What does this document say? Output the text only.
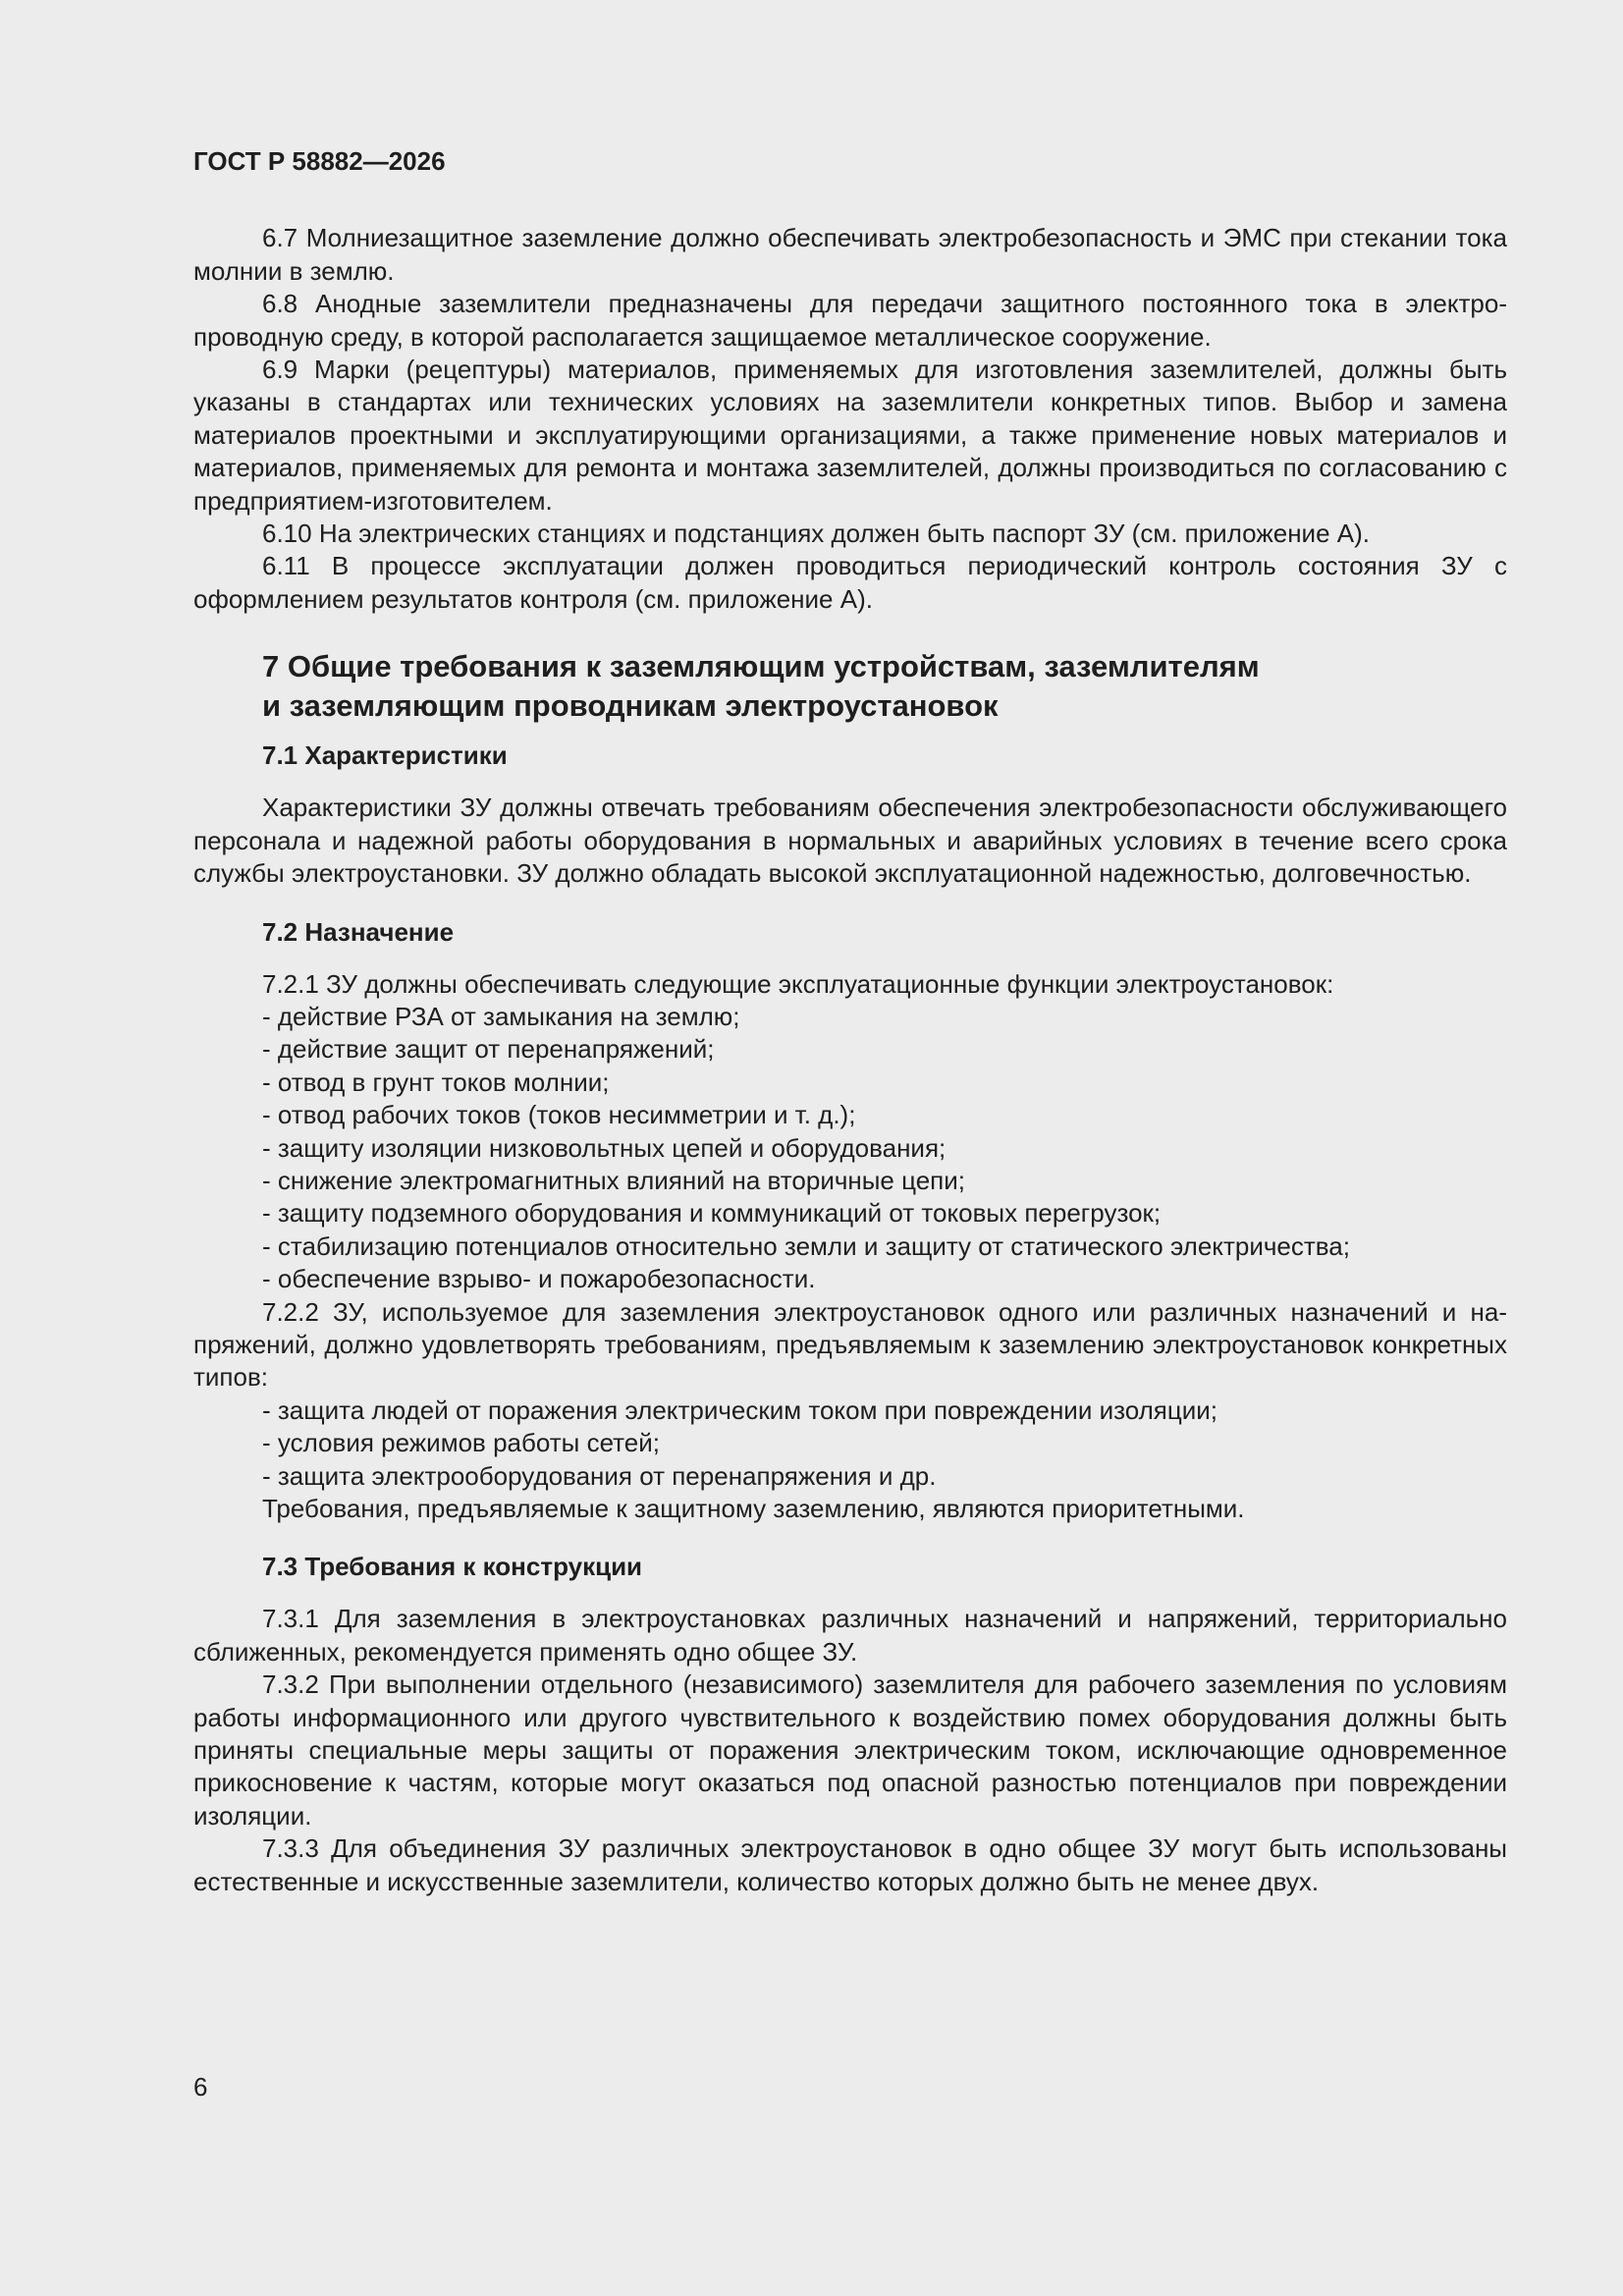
ГОСТ Р 58882—2026

6.7 Молниезащитное заземление должно обеспечивать электробезопасность и ЭМС при стекании тока молнии в землю.

6.8 Анодные заземлители предназначены для передачи защитного постоянного тока в электропроводную среду, в которой располагается защищаемое металлическое сооружение.

6.9 Марки (рецептуры) материалов, применяемых для изготовления заземлителей, должны быть указаны в стандартах или технических условиях на заземлители конкретных типов. Выбор и замена материалов проектными и эксплуатирующими организациями, а также применение новых материалов и материалов, применяемых для ремонта и монтажа заземлителей, должны производиться по согласованию с предприятием-изготовителем.

6.10 На электрических станциях и подстанциях должен быть паспорт ЗУ (см. приложение А).

6.11 В процессе эксплуатации должен проводиться периодический контроль состояния ЗУ с оформлением результатов контроля (см. приложение А).

7 Общие требования к заземляющим устройствам, заземлителям
и заземляющим проводникам электроустановок
7.1 Характеристики

Характеристики ЗУ должны отвечать требованиям обеспечения электробезопасности обслуживающего персонала и надежной работы оборудования в нормальных и аварийных условиях в течение всего срока службы электроустановки. ЗУ должно обладать высокой эксплуатационной надежностью, долговечностью.

7.2 Назначение

7.2.1 ЗУ должны обеспечивать следующие эксплуатационные функции электроустановок:

- действие РЗА от замыкания на землю;

- действие защит от перенапряжений;

- отвод в грунт токов молнии;

- отвод рабочих токов (токов несимметрии и т. д.);

- защиту изоляции низковольтных цепей и оборудования;

- снижение электромагнитных влияний на вторичные цепи;

- защиту подземного оборудования и коммуникаций от токовых перегрузок;

- стабилизацию потенциалов относительно земли и защиту от статического электричества;

- обеспечение взрыво- и пожаробезопасности.

7.2.2 ЗУ, используемое для заземления электроустановок одного или различных назначений и напряжений, должно удовлетворять требованиям, предъявляемым к заземлению электроустановок конкретных типов:

- защита людей от поражения электрическим током при повреждении изоляции;

- условия режимов работы сетей;

- защита электрооборудования от перенапряжения и др.

Требования, предъявляемые к защитному заземлению, являются приоритетными.

7.3 Требования к конструкции

7.3.1 Для заземления в электроустановках различных назначений и напряжений, территориально сближенных, рекомендуется применять одно общее ЗУ.

7.3.2 При выполнении отдельного (независимого) заземлителя для рабочего заземления по условиям работы информационного или другого чувствительного к воздействию помех оборудования должны быть приняты специальные меры защиты от поражения электрическим током, исключающие одновременное прикосновение к частям, которые могут оказаться под опасной разностью потенциалов при повреждении изоляции.

7.3.3 Для объединения ЗУ различных электроустановок в одно общее ЗУ могут быть использованы естественные и искусственные заземлители, количество которых должно быть не менее двух.

6
